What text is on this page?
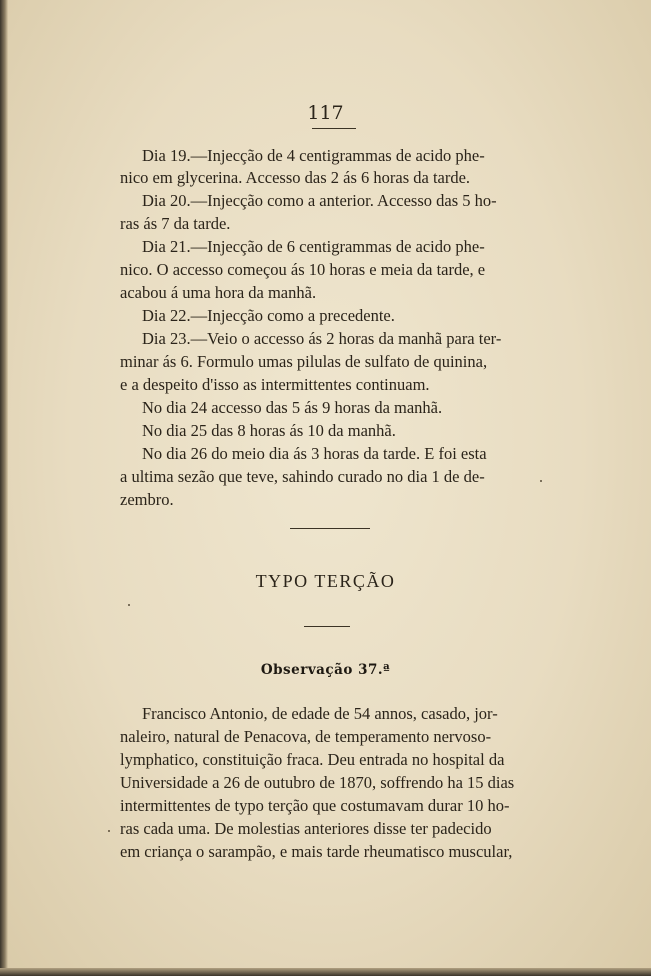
117
Dia 19.—Injecção de 4 centigrammas de acido phe-
nico em glycerina. Accesso das 2 ás 6 horas da tarde.
Dia 20.—Injecção como a anterior. Accesso das 5 ho-
ras ás 7 da tarde.
Dia 21.—Injecção de 6 centigrammas de acido phe-
nico. O accesso começou ás 10 horas e meia da tarde, e
acabou á uma hora da manhã.
Dia 22.—Injecção como a precedente.
Dia 23.—Veio o accesso ás 2 horas da manhã para ter-
minar ás 6. Formulo umas pilulas de sulfato de quinina,
e a despeito d'isso as intermittentes continuam.
No dia 24 accesso das 5 ás 9 horas da manhã.
No dia 25 das 8 horas ás 10 da manhã.
No dia 26 do meio dia ás 3 horas da tarde. E foi esta
a ultima sezão que teve, sahindo curado no dia 1 de de-
zembro.
TYPO TERÇÃO
Observação 37.ª
Francisco Antonio, de edade de 54 annos, casado, jor-
naleiro, natural de Penacova, de temperamento nervoso-
lymphatico, constituição fraca. Deu entrada no hospital da
Universidade a 26 de outubro de 1870, soffrendo ha 15 dias
intermittentes de typo terção que costumavam durar 10 ho-
ras cada uma. De molestias anteriores disse ter padecido
em criança o sarampão, e mais tarde rheumatisco muscular,
